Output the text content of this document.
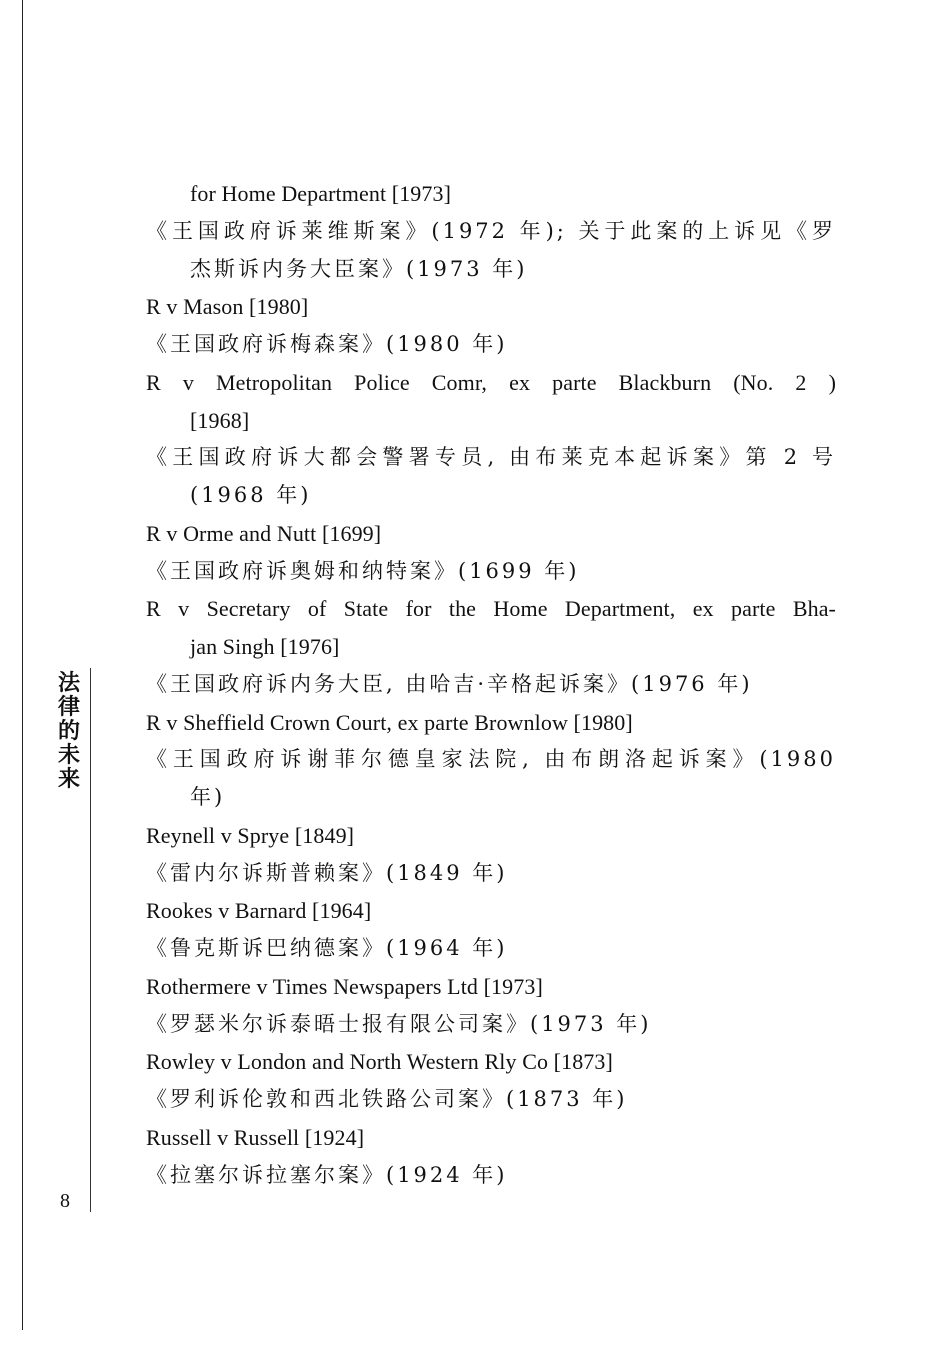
法律的未来
8
for Home Department [1973]
《王国政府诉莱维斯案》(1972 年); 关于此案的上诉见《罗
杰斯诉内务大臣案》(1973 年)
R v Mason [1980]
《王国政府诉梅森案》(1980 年)
R v Metropolitan Police Comr, ex parte Blackburn (No. 2 )
[1968]
《王国政府诉大都会警署专员, 由布莱克本起诉案》第 2 号
(1968 年)
R v Orme and Nutt [1699]
《王国政府诉奥姆和纳特案》(1699 年)
R v Secretary of State for the Home Department, ex parte Bha-
jan Singh [1976]
《王国政府诉内务大臣, 由哈吉·辛格起诉案》(1976 年)
R v Sheffield Crown Court, ex parte Brownlow [1980]
《王国政府诉谢菲尔德皇家法院, 由布朗洛起诉案》(1980
年)
Reynell v Sprye [1849]
《雷内尔诉斯普赖案》(1849 年)
Rookes v Barnard [1964]
《鲁克斯诉巴纳德案》(1964 年)
Rothermere v Times Newspapers Ltd [1973]
《罗瑟米尔诉泰晤士报有限公司案》(1973 年)
Rowley v London and North Western Rly Co [1873]
《罗利诉伦敦和西北铁路公司案》(1873 年)
Russell v Russell [1924]
《拉塞尔诉拉塞尔案》(1924 年)
